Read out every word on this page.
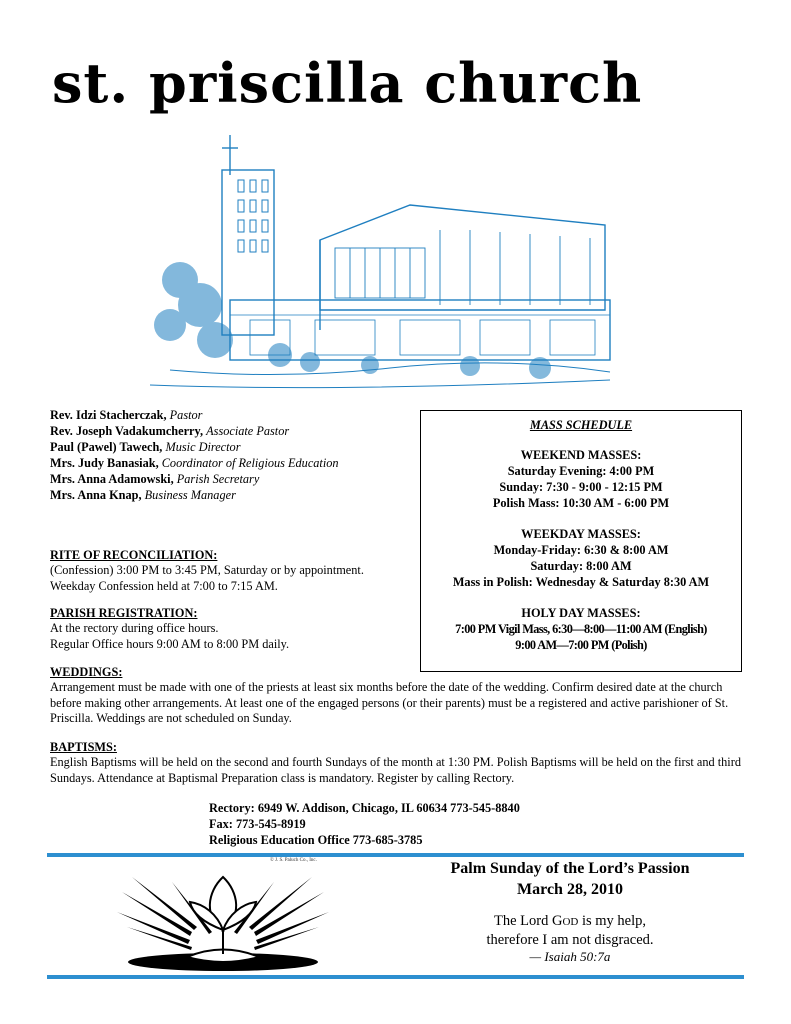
st. priscilla church
Rev. Idzi Stacherczak, Pastor
Rev. Joseph Vadakumcherry, Associate Pastor
Paul (Pawel) Tawech, Music Director
Mrs. Judy Banasiak, Coordinator of Religious Education
Mrs. Anna Adamowski, Parish Secretary
Mrs. Anna Knap, Business Manager
RITE OF RECONCILIATION:
(Confession) 3:00 PM to 3:45 PM, Saturday or by appointment.
Weekday Confession held at 7:00 to 7:15 AM.
PARISH REGISTRATION:
At the rectory during office hours.
Regular Office hours 9:00 AM to 8:00 PM daily.
WEDDINGS:
Arrangement must be made with one of the priests at least six months before the date of the wedding. Confirm desired date at the church before making other arrangements. At least one of the engaged persons (or their parents) must be a registered and active parishioner of St. Priscilla. Weddings are not scheduled on Sunday.
BAPTISMS:
English Baptisms will be held on the second and fourth Sundays of the month at 1:30 PM. Polish Baptisms will be held on the first and third Sundays. Attendance at Baptismal Preparation class is mandatory. Register by calling Rectory.
MASS SCHEDULE
WEEKEND MASSES:
Saturday Evening: 4:00 PM
Sunday: 7:30 - 9:00 - 12:15 PM
Polish Mass: 10:30 AM - 6:00 PM
WEEKDAY MASSES:
Monday-Friday: 6:30 & 8:00 AM
Saturday: 8:00 AM
Mass in Polish: Wednesday & Saturday 8:30 AM
HOLY DAY MASSES:
7:00 PM Vigil Mass, 6:30—8:00—11:00 AM (English)
9:00 AM—7:00 PM (Polish)
Rectory: 6949 W. Addison, Chicago, IL 60634 773-545-8840
Fax: 773-545-8919
Religious Education Office 773-685-3785
© J. S. Paluch Co., Inc.	Palm Sunday of the Lord’s Passion
March 28, 2010
The Lord GOD is my help,
therefore I am not disgraced.
— Isaiah 50:7a
